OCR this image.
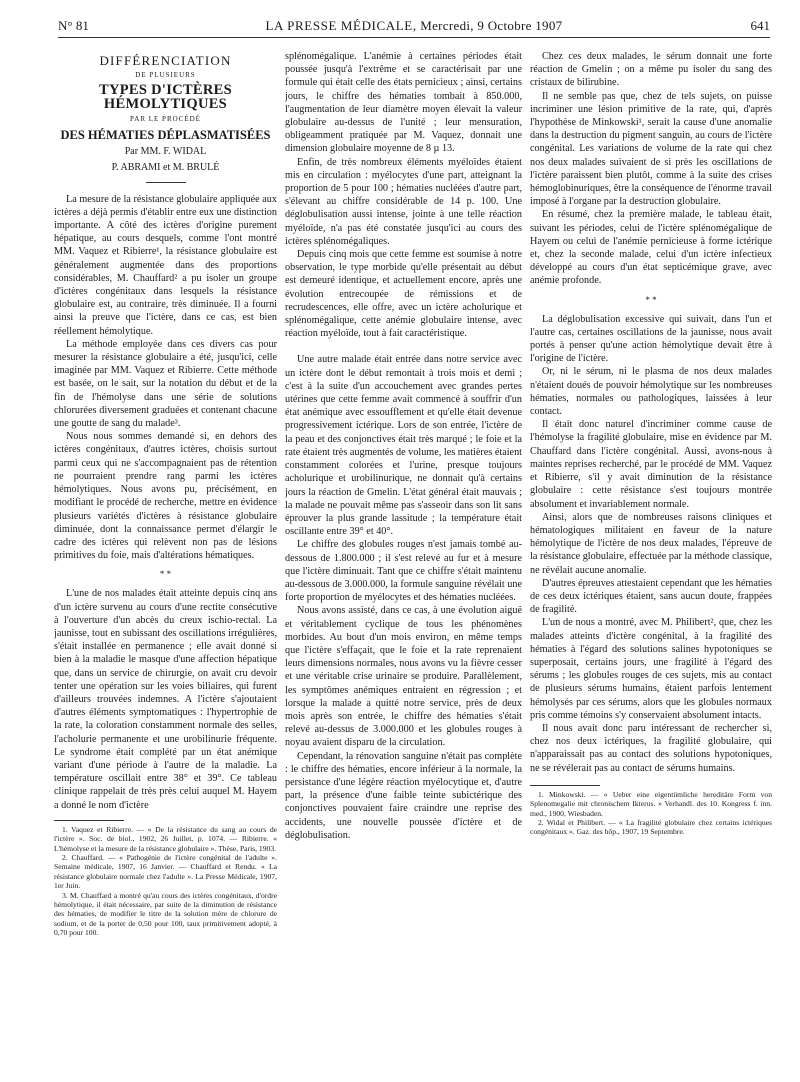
N° 81	LA PRESSE MÉDICALE, Mercredi, 9 Octobre 1907	641
DIFFÉRENCIATION
DE PLUSIEURS
TYPES D'ICTÈRES HÉMOLYTIQUES
PAR LE PROCÉDÉ
DES HÉMATIES DÉPLASMATISÉES
Par MM. F. WIDAL
P. ABRAMI et M. BRULÉ

La mesure de la résistance globulaire appliquée aux ictères a déjà permis d'établir entre eux une distinction importante. A côté des ictères d'origine purement hépatique, au cours desquels, comme l'ont montré MM. Vaquez et Ribierre¹, la résistance globulaire est généralement augmentée dans des proportions considérables, M. Chauffard² a pu isoler un groupe d'ictères congénitaux dans lesquels la résistance globulaire est, au contraire, très diminuée. Il a fourni ainsi la preuve que l'ictère, dans ce cas, est bien réellement hémolytique.

La méthode employée dans ces divers cas pour mesurer la résistance globulaire a été, jusqu'ici, celle imaginée par MM. Vaquez et Ribierre. Cette méthode est basée, on le sait, sur la notation du début et de la fin de l'hémolyse dans une série de solutions chlorurées diversement graduées et contenant chacune une goutte de sang du malade³.

Nous nous sommes demandé si, en dehors des ictères congénitaux, d'autres ictères, choisis surtout parmi ceux qui ne s'accompagnaient pas de rétention ne pourraient prendre rang parmi les ictères hémolytiques. Nous avons pu, précisément, en modifiant le procédé de recherche, mettre en évidence plusieurs variétés d'ictères à résistance globulaire diminuée, dont la connaissance permet d'élargir le cadre des ictères qui relèvent non pas de lésions primitives du foie, mais d'altérations hématiques.

* *

L'une de nos malades était atteinte depuis cinq ans d'un ictère survenu au cours d'une rectite consécutive à l'ouverture d'un abcès du creux ischio-rectal. La jaunisse, tout en subissant des oscillations irrégulières, s'était installée en permanence ; elle avait donné si bien à la maladie le masque d'une affection hépatique que, dans un service de chirurgie, on avait cru devoir tenter une opération sur les voies biliaires, qui furent d'ailleurs trouvées indemnes. A l'ictère s'ajoutaient d'autres éléments symptomatiques : l'hypertrophie de la rate, la coloration constamment normale des selles, l'acholurie permanente et une urobilinurie fréquente. Le syndrome était complété par un état anémique variant d'une période à l'autre de la maladie. La température oscillait entre 38° et 39°. Ce tableau clinique rappelait de très près celui auquel M. Hayem a donné le nom d'ictère

1. Vaquez et Ribierre. — « De la résistance du sang au cours de l'ictère ». Soc. de biol., 1902, 26 Juillet, p. 1074. — Ribierre. « L'hémolyse et la mesure de la résistance globulaire ». Thèse, Paris, 1903.

2. Chauffard. — « Pathogénie de l'ictère congénital de l'adulte ». Semaine médicale, 1907, 16 Janvier. — Chauffard et Rendu. « La résistance globulaire normale chez l'adulte ». La Presse Médicale, 1907, 1er Juin.

3. M. Chauffard a montré qu'au cours des ictères congénitaux, d'ordre hémolytique, il était nécessaire, par suite de la diminution de résistance des hématies, de modifier le titre de la solution mère de chlorure de sodium, et de la porter de 0,50 pour 100, taux primitivement adopté, à 0,70 pour 100.

splénomégalique. L'anémie à certaines périodes était poussée jusqu'à l'extrême et se caractérisait par une formule qui était celle des états pernicieux ; ainsi, certains jours, le chiffre des hématies tombait à 850.000, l'augmentation de leur diamètre moyen élevait la valeur globulaire au-dessus de l'unité ; leur mensuration, obligeamment pratiquée par M. Vaquez, donnait une dimension globulaire moyenne de 8 µ 13.

Enfin, de très nombreux éléments myéloïdes étaient mis en circulation : myélocytes d'une part, atteignant la proportion de 5 pour 100 ; hématies nucléées d'autre part, s'élevant au chiffre considérable de 14 p. 100. Une déglobulisation aussi intense, jointe à une telle réaction myéloïde, n'a pas été constatée jusqu'ici au cours des ictères splénomégaliques.

Depuis cinq mois que cette femme est soumise à notre observation, le type morbide qu'elle présentait au début est demeuré identique, et actuellement encore, après une évolution entrecoupée de rémissions et de recrudescences, elle offre, avec un ictère acholurique et splénomégalique, cette anémie globulaire intense, avec réaction myéloïde, tout à fait caractéristique.

Une autre malade était entrée dans notre service avec un ictère dont le début remontait à trois mois et demi ; c'est à la suite d'un accouchement avec grandes pertes utérines que cette femme avait commencé à souffrir d'un état anémique avec essoufflement et qu'elle était devenue progressivement ictérique. Lors de son entrée, l'ictère de la peau et des conjonctives était très marqué ; le foie et la rate étaient très augmentés de volume, les matières étaient constamment colorées et l'urine, presque toujours acholurique et urobilinurique, ne donnait qu'à certains jours la réaction de Gmelin. L'état général était mauvais ; la malade ne pouvait même pas s'asseoir dans son lit sans éprouver la plus grande lassitude ; la température était oscillante entre 39° et 40°.

Le chiffre des globules rouges n'est jamais tombé au-dessous de 1.800.000 ; il s'est relevé au fur et à mesure que l'ictère diminuait. Tant que ce chiffre s'était maintenu au-dessous de 3.000.000, la formule sanguine révélait une forte proportion de myélocytes et des hématies nucléées.

Nous avons assisté, dans ce cas, à une évolution aiguë et véritablement cyclique de tous les phénomènes morbides. Au bout d'un mois environ, en même temps que l'ictère s'effaçait, que le foie et la rate reprenaient leurs dimensions normales, nous avons vu la fièvre cesser et une véritable crise urinaire se produire. Parallèlement, les symptômes anémiques entraient en régression ; et lorsque la malade a quitté notre service, près de deux mois après son entrée, le chiffre des hématies s'était relevé au-dessus de 3.000.000 et les globules rouges à noyau avaient disparu de la circulation.

Cependant, la rénovation sanguine n'était pas complète : le chiffre des hématies, encore inférieur à la normale, la persistance d'une légère réaction myélocytique et, d'autre part, la présence d'une faible teinte subictérique des conjonctives pouvaient faire craindre une reprise des accidents, une nouvelle poussée d'ictère et de déglobulisation.

Chez ces deux malades, le sérum donnait une forte réaction de Gmelin ; on a même pu isoler du sang des cristaux de bilirubine.

Il ne semble pas que, chez de tels sujets, on puisse incriminer une lésion primitive de la rate, qui, d'après l'hypothèse de Minkowski¹, serait la cause d'une anomalie dans la destruction du pigment sanguin, au cours de l'ictère congénital. Les variations de volume de la rate qui chez nos deux malades suivaient de si près les oscillations de l'ictère paraissent bien plutôt, comme à la suite des crises hémoglobinuriques, être la conséquence de l'énorme travail imposé à l'organe par la destruction globulaire.

En résumé, chez la première malade, le tableau était, suivant les périodes, celui de l'ictère splénomégalique de Hayem ou celui de l'anémie pernicieuse à forme ictérique et, chez la seconde malade, celui d'un ictère infectieux développé au cours d'un état septicémique grave, avec anémie profonde.

* *

La déglobulisation excessive qui suivait, dans l'un et l'autre cas, certaines oscillations de la jaunisse, nous avait portés à penser qu'une action hémolytique devait être à l'origine de l'ictère.

Or, ni le sérum, ni le plasma de nos deux malades n'étaient doués de pouvoir hémolytique sur les nombreuses hématies, normales ou pathologiques, laissées à leur contact.

Il était donc naturel d'incriminer comme cause de l'hémolyse la fragilité globulaire, mise en évidence par M. Chauffard dans l'ictère congénital. Aussi, avons-nous à maintes reprises recherché, par le procédé de MM. Vaquez et Ribierre, s'il y avait diminution de la résistance globulaire : cette résistance s'est toujours montrée absolument et invariablement normale.

Ainsi, alors que de nombreuses raisons cliniques et hématologiques militaient en faveur de la nature hémolytique de l'ictère de nos deux malades, l'épreuve de la résistance globulaire, effectuée par la méthode classique, ne révélait aucune anomalie.

D'autres épreuves attestaient cependant que les hématies de ces deux ictériques étaient, sans aucun doute, frappées de fragilité.

L'un de nous a montré, avec M. Philibert², que, chez les malades atteints d'ictère congénital, à la fragilité des hématies à l'égard des solutions salines hypotoniques se superposait, certains jours, une fragilité à l'égard des sérums ; les globules rouges de ces sujets, mis au contact de plusieurs sérums humains, étaient parfois lentement hémolysés par ces sérums, alors que les globules normaux pris comme témoins s'y conservaient absolument intacts.

Il nous avait donc paru intéressant de rechercher si, chez nos deux ictériques, la fragilité globulaire, qui n'apparaissait pas au contact des solutions hypotoniques, ne se révélerait pas au contact de sérums humains.

1. Minkowski. — « Ueber eine eigentümliche hereditäre Form von Splenomegalie mit chronischem Ikterus. » Verhandl. des 10. Kongress f. inn. med., 1900, Wiesbaden.

2. Widal et Philibert. — « La fragilité globulaire chez certains ictériques congénitaux ». Gaz. des hôp., 1907, 19 Septembre.
